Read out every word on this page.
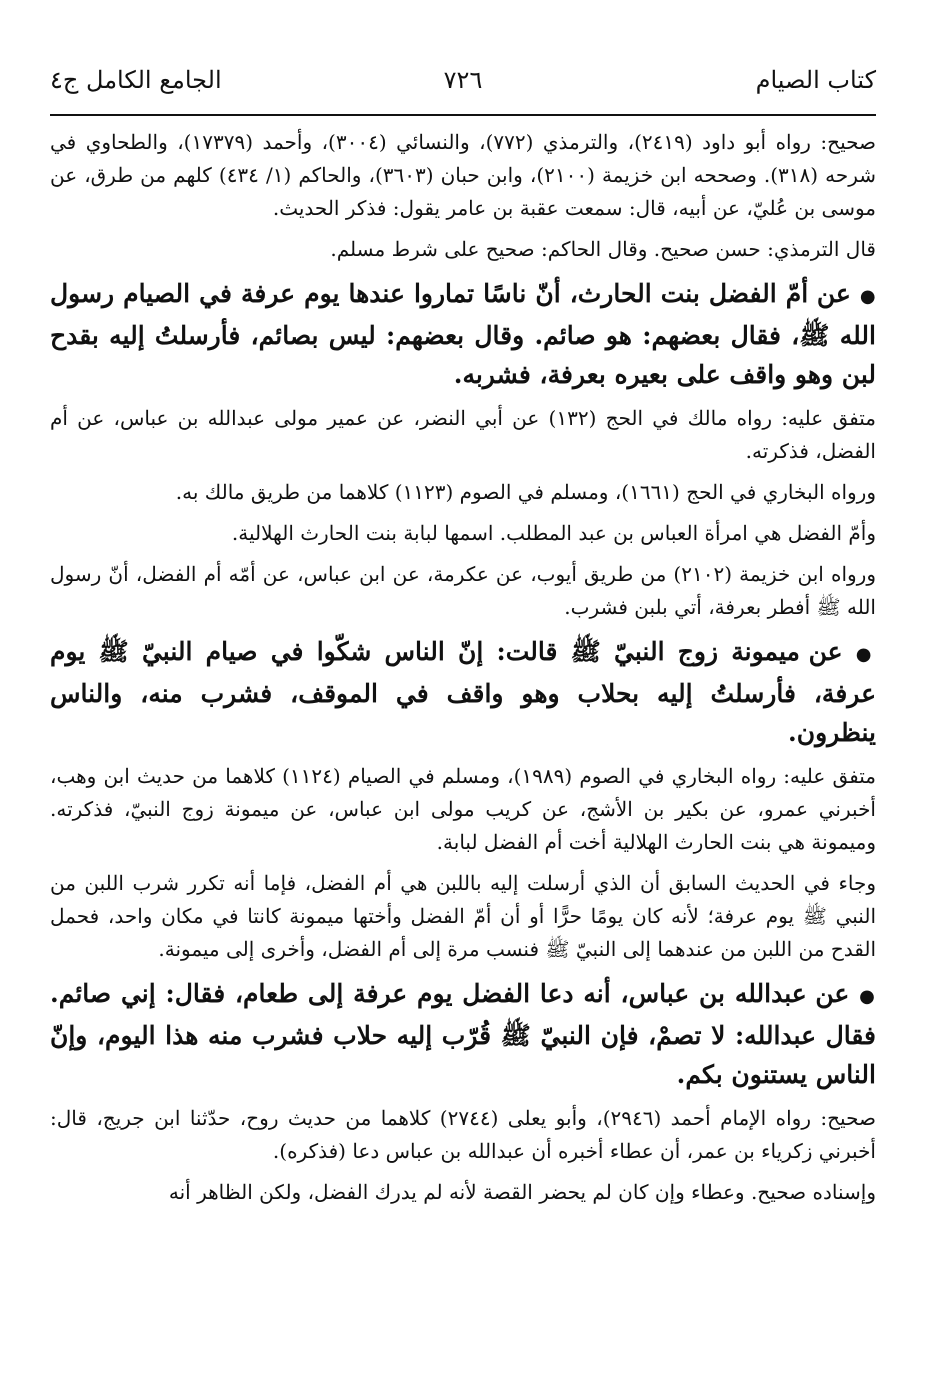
كتاب الصيام
٧٢٦
الجامع الكامل ج٤

صحيح: رواه أبو داود (٢٤١٩)، والترمذي (٧٧٢)، والنسائي (٣٠٠٤)، وأحمد (١٧٣٧٩)، والطحاوي في شرحه (٣١٨). وصححه ابن خزيمة (٢١٠٠)، وابن حبان (٣٦٠٣)، والحاكم (١/ ٤٣٤) كلهم من طرق، عن موسى بن عُليّ، عن أبيه، قال: سمعت عقبة بن عامر يقول: فذكر الحديث.

قال الترمذي: حسن صحيح. وقال الحاكم: صحيح على شرط مسلم.

● عن أمّ الفضل بنت الحارث، أنّ ناسًا تماروا عندها يوم عرفة في الصيام رسول الله ﷺ، فقال بعضهم: هو صائم. وقال بعضهم: ليس بصائم، فأرسلتُ إليه بقدح لبن وهو واقف على بعيره بعرفة، فشربه.

متفق عليه: رواه مالك في الحج (١٣٢) عن أبي النضر، عن عمير مولى عبدالله بن عباس، عن أم الفضل، فذكرته.

ورواه البخاري في الحج (١٦٦١)، ومسلم في الصوم (١١٢٣) كلاهما من طريق مالك به.

وأمّ الفضل هي امرأة العباس بن عبد المطلب. اسمها لبابة بنت الحارث الهلالية.

ورواه ابن خزيمة (٢١٠٢) من طريق أيوب، عن عكرمة، عن ابن عباس، عن أمّه أم الفضل، أنّ رسول الله ﷺ أفطر بعرفة، أتي بلبن فشرب.

● عن ميمونة زوج النبيّ ﷺ قالت: إنّ الناس شكّوا في صيام النبيّ ﷺ يوم عرفة، فأرسلتُ إليه بحلاب وهو واقف في الموقف، فشرب منه، والناس ينظرون.

متفق عليه: رواه البخاري في الصوم (١٩٨٩)، ومسلم في الصيام (١١٢٤) كلاهما من حديث ابن وهب، أخبرني عمرو، عن بكير بن الأشج، عن كريب مولى ابن عباس، عن ميمونة زوج النبيّ، فذكرته. وميمونة هي بنت الحارث الهلالية أخت أم الفضل لبابة.

وجاء في الحديث السابق أن الذي أرسلت إليه باللبن هي أم الفضل، فإما أنه تكرر شرب اللبن من النبي ﷺ يوم عرفة؛ لأنه كان يومًا حرًّا أو أن أمّ الفضل وأختها ميمونة كانتا في مكان واحد، فحمل القدح من اللبن من عندهما إلى النبيّ ﷺ فنسب مرة إلى أم الفضل، وأخرى إلى ميمونة.

● عن عبدالله بن عباس، أنه دعا الفضل يوم عرفة إلى طعام، فقال: إني صائم. فقال عبدالله: لا تصمْ، فإن النبيّ ﷺ قُرّب إليه حلاب فشرب منه هذا اليوم، وإنّ الناس يستنون بكم.

صحيح: رواه الإمام أحمد (٢٩٤٦)، وأبو يعلى (٢٧٤٤) كلاهما من حديث روح، حدّثنا ابن جريج، قال: أخبرني زكرياء بن عمر، أن عطاء أخبره أن عبدالله بن عباس دعا (فذكره).

وإسناده صحيح. وعطاء وإن كان لم يحضر القصة لأنه لم يدرك الفضل، ولكن الظاهر أنه
